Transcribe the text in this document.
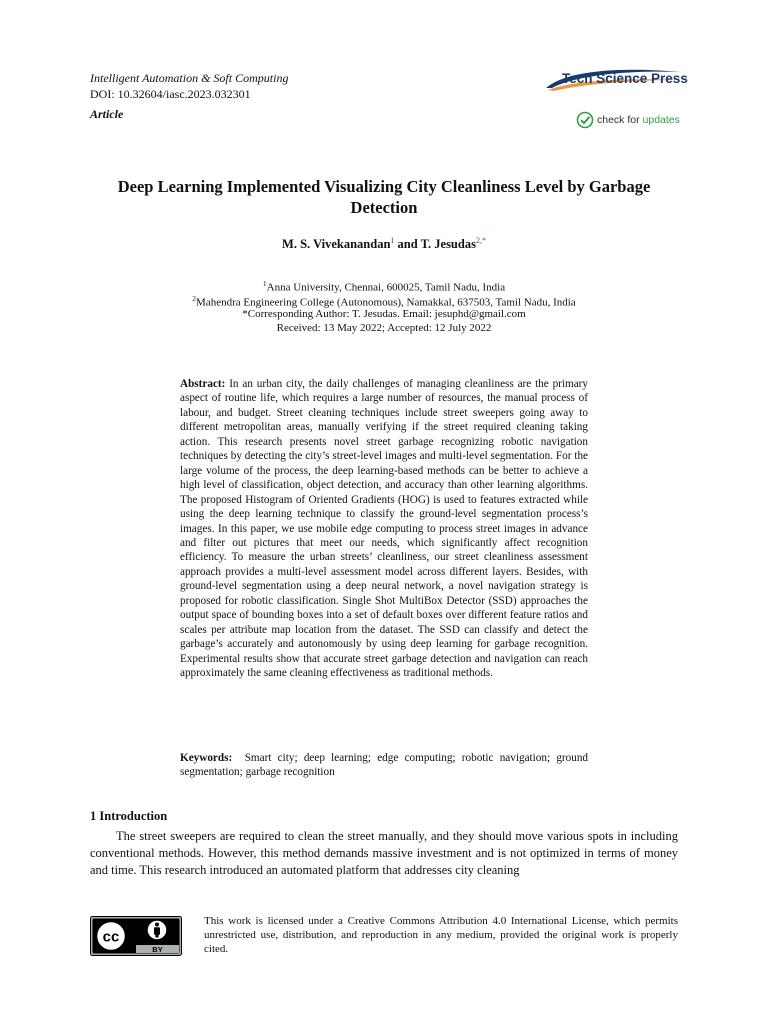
Intelligent Automation & Soft Computing
DOI: 10.32604/iasc.2023.032301
Article
Tech Science Press
check for updates
Deep Learning Implemented Visualizing City Cleanliness Level by Garbage Detection
M. S. Vivekanandan$^1$ and T. Jesudas$^{2,*}$
$^1$Anna University, Chennai, 600025, Tamil Nadu, India
$^2$Mahendra Engineering College (Autonomous), Namakkal, 637503, Tamil Nadu, India
*Corresponding Author: T. Jesudas. Email: jesuphd@gmail.com
Received: 13 May 2022; Accepted: 12 July 2022
Abstract: In an urban city, the daily challenges of managing cleanliness are the primary aspect of routine life, which requires a large number of resources, the manual process of labour, and budget. Street cleaning techniques include street sweepers going away to different metropolitan areas, manually verifying if the street required cleaning taking action. This research presents novel street garbage recognizing robotic navigation techniques by detecting the city’s street-level images and multi-level segmentation. For the large volume of the process, the deep learning-based methods can be better to achieve a high level of classification, object detection, and accuracy than other learning algorithms. The proposed Histogram of Oriented Gradients (HOG) is used to features extracted while using the deep learning technique to classify the ground-level segmentation process’s images. In this paper, we use mobile edge computing to process street images in advance and filter out pictures that meet our needs, which significantly affect recognition efficiency. To measure the urban streets’ cleanliness, our street cleanliness assessment approach provides a multi-level assessment model across different layers. Besides, with ground-level segmentation using a deep neural network, a novel navigation strategy is proposed for robotic classification. Single Shot MultiBox Detector (SSD) approaches the output space of bounding boxes into a set of default boxes over different feature ratios and scales per attribute map location from the dataset. The SSD can classify and detect the garbage’s accurately and autonomously by using deep learning for garbage recognition. Experimental results show that accurate street garbage detection and navigation can reach approximately the same cleaning effectiveness as traditional methods.
Keywords: Smart city; deep learning; edge computing; robotic navigation; ground segmentation; garbage recognition
1 Introduction
The street sweepers are required to clean the street manually, and they should move various spots in including conventional methods. However, this method demands massive investment and is not optimized in terms of money and time. This research introduced an automated platform that addresses city cleaning
cc
BY
This work is licensed under a Creative Commons Attribution 4.0 International License, which permits unrestricted use, distribution, and reproduction in any medium, provided the original work is properly cited.
